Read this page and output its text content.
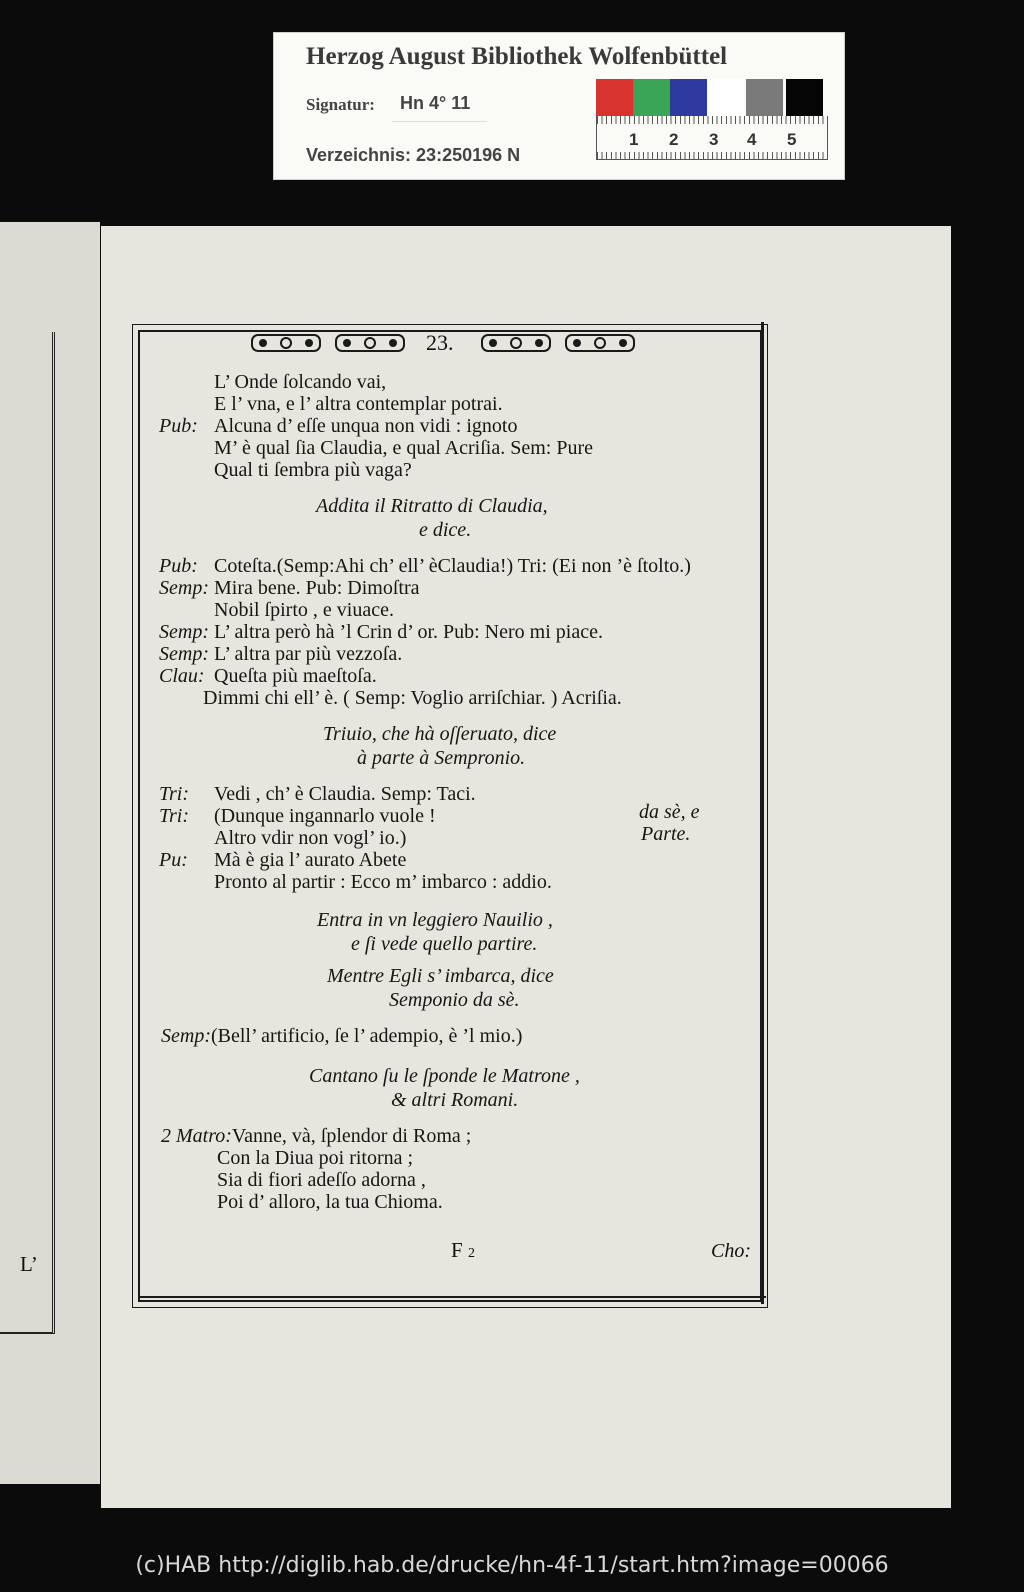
Herzog August Bibliothek Wolfenbüttel
Signatur: Hn 4° 11
Verzeichnis: 23:250196 N
1 2 3 4 5
L’
23.
L’ Onde ſolcando vai,
E l’ vna, e l’ altra contemplar potrai.
Pub: Alcuna d’ eſſe unqua non vidi : ignoto
M’ è qual ſia Claudia, e qual Acriſia. Sem: Pure
Qual ti ſembra più vaga?
Addita il Ritratto di Claudia,
e dice.
Pub: Coteſta.(Semp:Ahi ch’ ell’ èClaudia!) Tri: (Ei non ’è ſtolto.)
Semp: Mira bene. Pub: Dimoſtra
Nobil ſpirto , e viuace.
Semp: L’ altra però hà ’l Crin d’ or. Pub: Nero mi piace.
Semp: L’ altra par più vezzoſa.
Clau: Queſta più maeſtoſa.
Dimmi chi ell’ è. ( Semp: Voglio arriſchiar. ) Acriſia.
Triuio, che hà oſſeruato, dice
à parte à Sempronio.
Tri: Vedi , ch’ è Claudia. Semp: Taci.
Tri: (Dunque ingannarlo vuole !	da sè, e
Altro vdir non vogl’ io.)	Parte.
Pu: Mà è gia l’ aurato Abete
Pronto al partir : Ecco m’ imbarco : addio.
Entra in vn leggiero Nauilio ,
e ſi vede quello partire.
Mentre Egli s’ imbarca, dice
Semponio da sè.
Semp:(Bell’ artificio, ſe l’ adempio, è ’l mio.)
Cantano ſu le ſponde le Matrone ,
& altri Romani.
2 Matro:Vanne, và, ſplendor di Roma ;
Con la Diua poi ritorna ;
Sia di fiori adeſſo adorna ,
Poi d’ alloro, la tua Chioma.
F 2	Cho:
(c)HAB http://diglib.hab.de/drucke/hn-4f-11/start.htm?image=00066
